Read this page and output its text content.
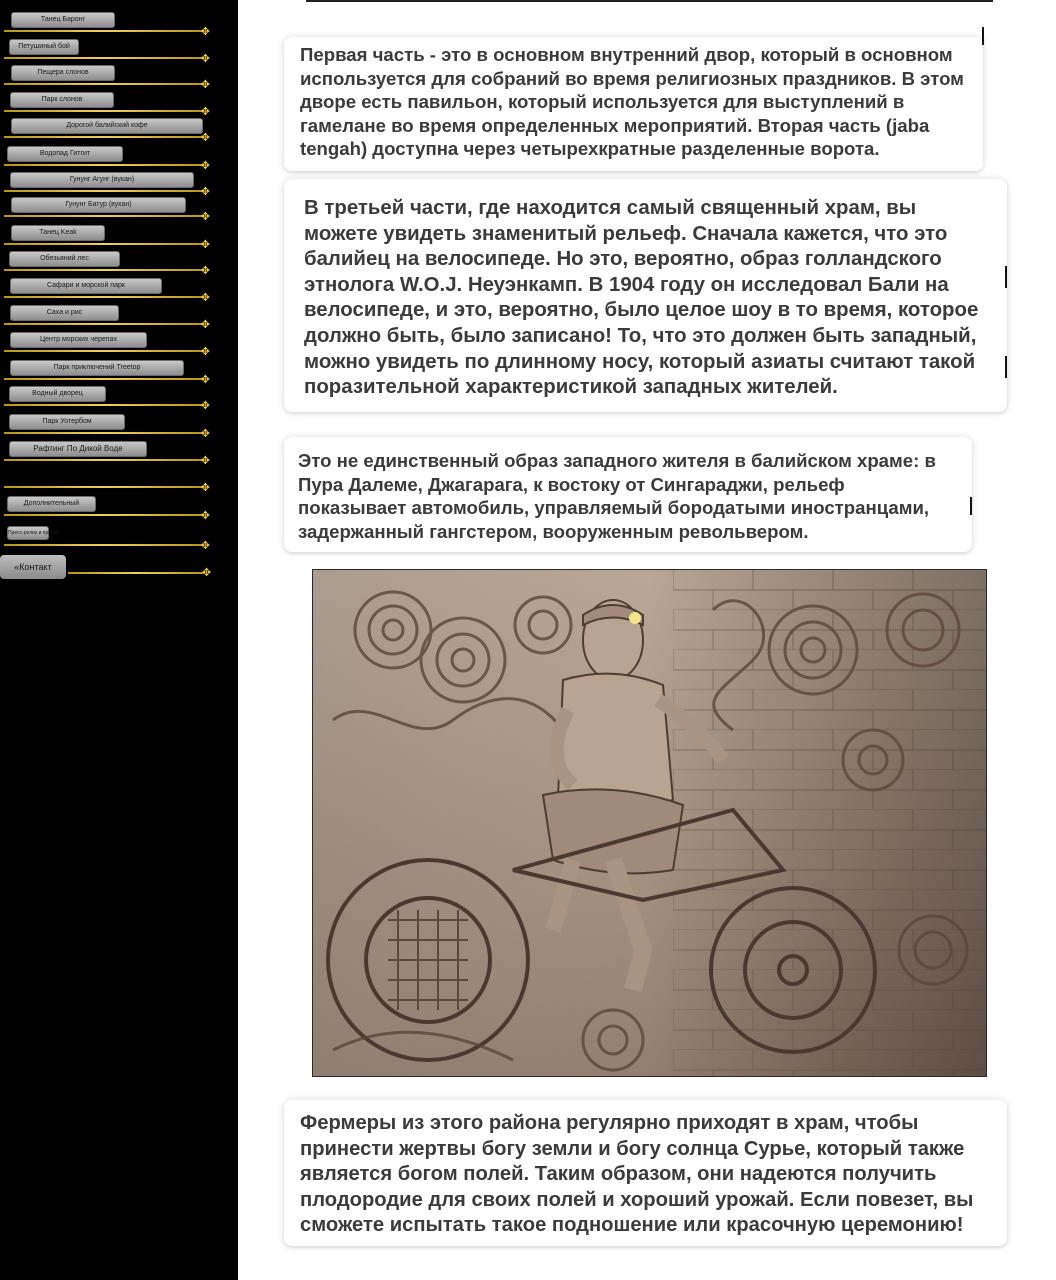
Танец Баронг
✥
Петушиный бой
✥
Пещера слонов
✥
Парк слонов
✥
Дорогой балийский кофе
✥
Водопад Гитгит
✥
Гунунг Агунг (вукан)
✥
Гунунг Батур (вукан)
✥
Танец Keak
✥
Обезьяний лес
✥
Сафари и морской парк
✥
Саха и рис
✥
Центр морских черепах
✥
Парк приключений Treetop
✥
Водный дворец
✥
Парк Уотербом
✥
Рафтинг По Дикой Воде
✥
✥
Дополнительный
✥
Пресс-релиз и пресса
✥
«Контакт	✥

Первая часть - это в основном внутренний двор, который в основном используется для собраний во время религиозных праздников. В этом дворе есть павильон, который используется для выступлений в гамелане во время определенных мероприятий. Вторая часть (jaba tengah) доступна через четырехкратные разделенные ворота.

В третьей части, где находится самый священный храм, вы можете увидеть знаменитый рельеф. Сначала кажется, что это балийец на велосипеде. Но это, вероятно, образ голландского этнолога W.O.J. Неуэнкамп. В 1904 году он исследовал Бали на велосипеде, и это, вероятно, было целое шоу в то время, которое должно быть, было записано! То, что это должен быть западный, можно увидеть по длинному носу, который азиаты считают такой поразительной характеристикой западных жителей.

Это не единственный образ западного жителя в балийском храме: в Пура Далеме, Джагарага, к востоку от Сингараджи, рельеф показывает автомобиль, управляемый бородатыми иностранцами, задержанный гангстером, вооруженным револьвером.

Фермеры из этого района регулярно приходят в храм, чтобы принести жертвы богу земли и богу солнца Сурье, который также является богом полей. Таким образом, они надеются получить плодородие для своих полей и хороший урожай. Если повезет, вы сможете испытать такое подношение или красочную церемонию!
